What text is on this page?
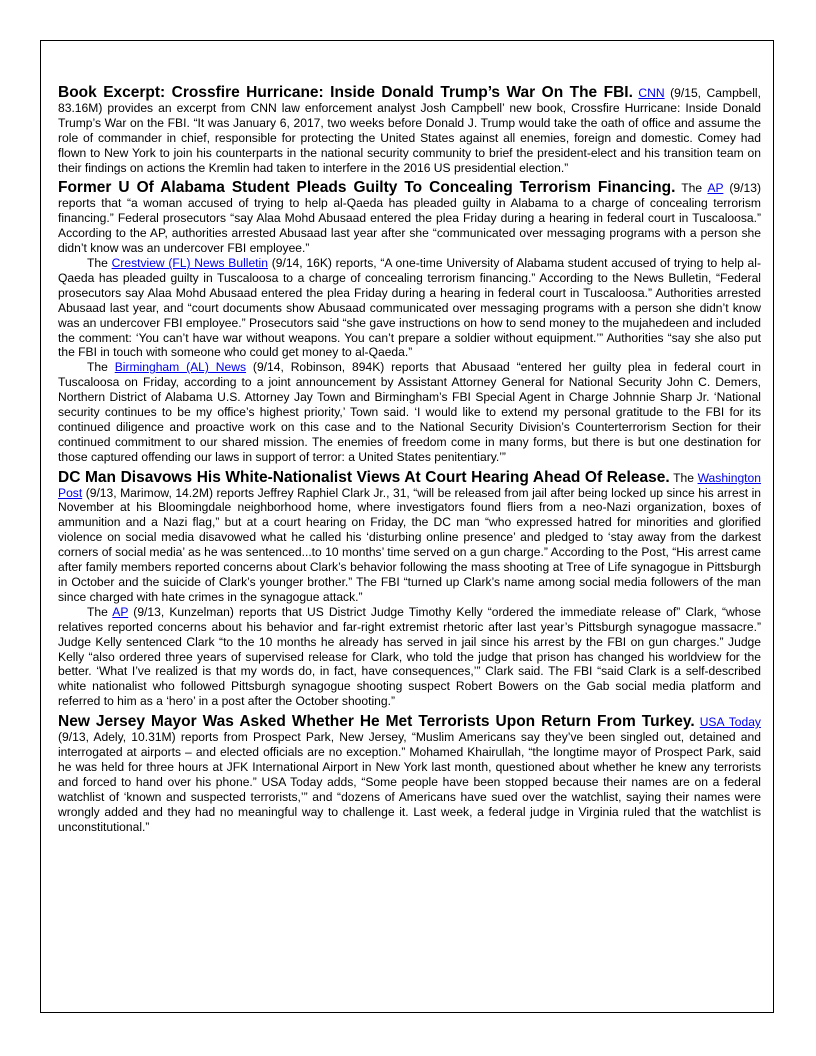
Book Excerpt: Crossfire Hurricane: Inside Donald Trump’s War On The FBI. CNN (9/15, Campbell, 83.16M) provides an excerpt from CNN law enforcement analyst Josh Campbell’ new book, Crossfire Hurricane: Inside Donald Trump’s War on the FBI. “It was January 6, 2017, two weeks before Donald J. Trump would take the oath of office and assume the role of commander in chief, responsible for protecting the United States against all enemies, foreign and domestic. Comey had flown to New York to join his counterparts in the national security community to brief the president-elect and his transition team on their findings on actions the Kremlin had taken to interfere in the 2016 US presidential election.”

Former U Of Alabama Student Pleads Guilty To Concealing Terrorism Financing. The AP (9/13) reports that “a woman accused of trying to help al-Qaeda has pleaded guilty in Alabama to a charge of concealing terrorism financing.” Federal prosecutors “say Alaa Mohd Abusaad entered the plea Friday during a hearing in federal court in Tuscaloosa.” According to the AP, authorities arrested Abusaad last year after she “communicated over messaging programs with a person she didn’t know was an undercover FBI employee.”

The Crestview (FL) News Bulletin (9/14, 16K) reports, “A one-time University of Alabama student accused of trying to help al-Qaeda has pleaded guilty in Tuscaloosa to a charge of concealing terrorism financing.” According to the News Bulletin, “Federal prosecutors say Alaa Mohd Abusaad entered the plea Friday during a hearing in federal court in Tuscaloosa.” Authorities arrested Abusaad last year, and “court documents show Abusaad communicated over messaging programs with a person she didn’t know was an undercover FBI employee.” Prosecutors said “she gave instructions on how to send money to the mujahedeen and included the comment: ‘You can’t have war without weapons. You can’t prepare a soldier without equipment.’” Authorities “say she also put the FBI in touch with someone who could get money to al-Qaeda.”

The Birmingham (AL) News (9/14, Robinson, 894K) reports that Abusaad “entered her guilty plea in federal court in Tuscaloosa on Friday, according to a joint announcement by Assistant Attorney General for National Security John C. Demers, Northern District of Alabama U.S. Attorney Jay Town and Birmingham’s FBI Special Agent in Charge Johnnie Sharp Jr. ‘National security continues to be my office’s highest priority,’ Town said. ‘I would like to extend my personal gratitude to the FBI for its continued diligence and proactive work on this case and to the National Security Division’s Counterterrorism Section for their continued commitment to our shared mission. The enemies of freedom come in many forms, but there is but one destination for those captured offending our laws in support of terror: a United States penitentiary.’”

DC Man Disavows His White-Nationalist Views At Court Hearing Ahead Of Release. The Washington Post (9/13, Marimow, 14.2M) reports Jeffrey Raphiel Clark Jr., 31, “will be released from jail after being locked up since his arrest in November at his Bloomingdale neighborhood home, where investigators found fliers from a neo-Nazi organization, boxes of ammunition and a Nazi flag,” but at a court hearing on Friday, the DC man “who expressed hatred for minorities and glorified violence on social media disavowed what he called his ‘disturbing online presence’ and pledged to ‘stay away from the darkest corners of social media’ as he was sentenced...to 10 months’ time served on a gun charge.” According to the Post, “His arrest came after family members reported concerns about Clark’s behavior following the mass shooting at Tree of Life synagogue in Pittsburgh in October and the suicide of Clark’s younger brother.” The FBI “turned up Clark’s name among social media followers of the man since charged with hate crimes in the synagogue attack.”

The AP (9/13, Kunzelman) reports that US District Judge Timothy Kelly “ordered the immediate release of” Clark, “whose relatives reported concerns about his behavior and far-right extremist rhetoric after last year’s Pittsburgh synagogue massacre.” Judge Kelly sentenced Clark “to the 10 months he already has served in jail since his arrest by the FBI on gun charges.” Judge Kelly “also ordered three years of supervised release for Clark, who told the judge that prison has changed his worldview for the better. ‘What I’ve realized is that my words do, in fact, have consequences,’” Clark said. The FBI “said Clark is a self-described white nationalist who followed Pittsburgh synagogue shooting suspect Robert Bowers on the Gab social media platform and referred to him as a ‘hero’ in a post after the October shooting.”

New Jersey Mayor Was Asked Whether He Met Terrorists Upon Return From Turkey. USA Today (9/13, Adely, 10.31M) reports from Prospect Park, New Jersey, “Muslim Americans say they’ve been singled out, detained and interrogated at airports – and elected officials are no exception.” Mohamed Khairullah, “the longtime mayor of Prospect Park, said he was held for three hours at JFK International Airport in New York last month, questioned about whether he knew any terrorists and forced to hand over his phone.” USA Today adds, “Some people have been stopped because their names are on a federal watchlist of ‘known and suspected terrorists,’” and “dozens of Americans have sued over the watchlist, saying their names were wrongly added and they had no meaningful way to challenge it. Last week, a federal judge in Virginia ruled that the watchlist is unconstitutional.”
